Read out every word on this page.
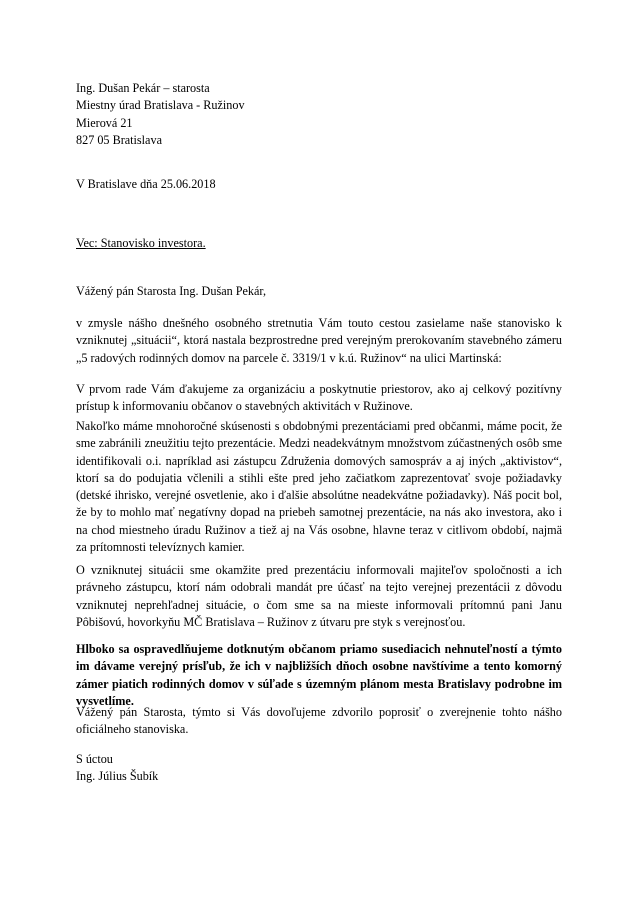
Ing. Dušan Pekár – starosta
Miestny úrad Bratislava - Ružinov
Mierová 21
827 05 Bratislava
V Bratislave dňa 25.06.2018
Vec: Stanovisko investora.
Vážený pán Starosta Ing. Dušan Pekár,
v zmysle nášho dnešného osobného stretnutia Vám touto cestou zasielame naše stanovisko k vzniknutej „situácii“, ktorá nastala bezprostredne pred verejným prerokovaním stavebného zámeru „5 radových rodinných domov na parcele č. 3319/1 v k.ú. Ružinov“ na ulici Martinská:
V prvom rade Vám ďakujeme za organizáciu a poskytnutie priestorov, ako aj celkový pozitívny prístup k informovaniu občanov o stavebných aktivitách v Ružinove.
Nakoľko máme mnohoročné skúsenosti s obdobnými prezentáciami pred občanmi, máme pocit, že sme zabránili zneužitiu tejto prezentácie. Medzi neadekvátnym množstvom zúčastnených osôb sme identifikovali o.i. napríklad asi zástupcu Združenia domových samospráv a aj iných „aktivistov“, ktorí sa do podujatia včlenili a stihli ešte pred jeho začiatkom zaprezentovať svoje požiadavky (detské ihrisko, verejné osvetlenie, ako i ďalšie absolútne neadekvátne požiadavky). Náš pocit bol, že by to mohlo mať negatívny dopad na priebeh samotnej prezentácie, na nás ako investora, ako i na chod miestneho úradu Ružinov a tiež aj na Vás osobne, hlavne teraz v citlivom období, najmä za prítomnosti televíznych kamier.
O vzniknutej situácii sme okamžite pred prezentáciu informovali majiteľov spoločnosti a ich právneho zástupcu, ktorí nám odobrali mandát pre účasť na tejto verejnej prezentácii z dôvodu vzniknutej neprehľadnej situácie, o čom sme sa na mieste informovali prítomnú pani Janu Pôbišovú, hovorkyňu MČ Bratislava – Ružinov z útvaru pre styk s verejnosťou.
Hlboko sa ospravedlňujeme dotknutým občanom priamo susediacich nehnuteľností a týmto im dávame verejný prísľub, že ich v najbližších dňoch osobne navštívime a tento komorný zámer piatich rodinných domov v súľade s územným plánom mesta Bratislavy podrobne im vysvetlíme.
Vážený pán Starosta, týmto si Vás dovoľujeme zdvorilo poprosiť o zverejnenie tohto nášho oficiálneho stanoviska.
S úctou
Ing. Július Šubík
